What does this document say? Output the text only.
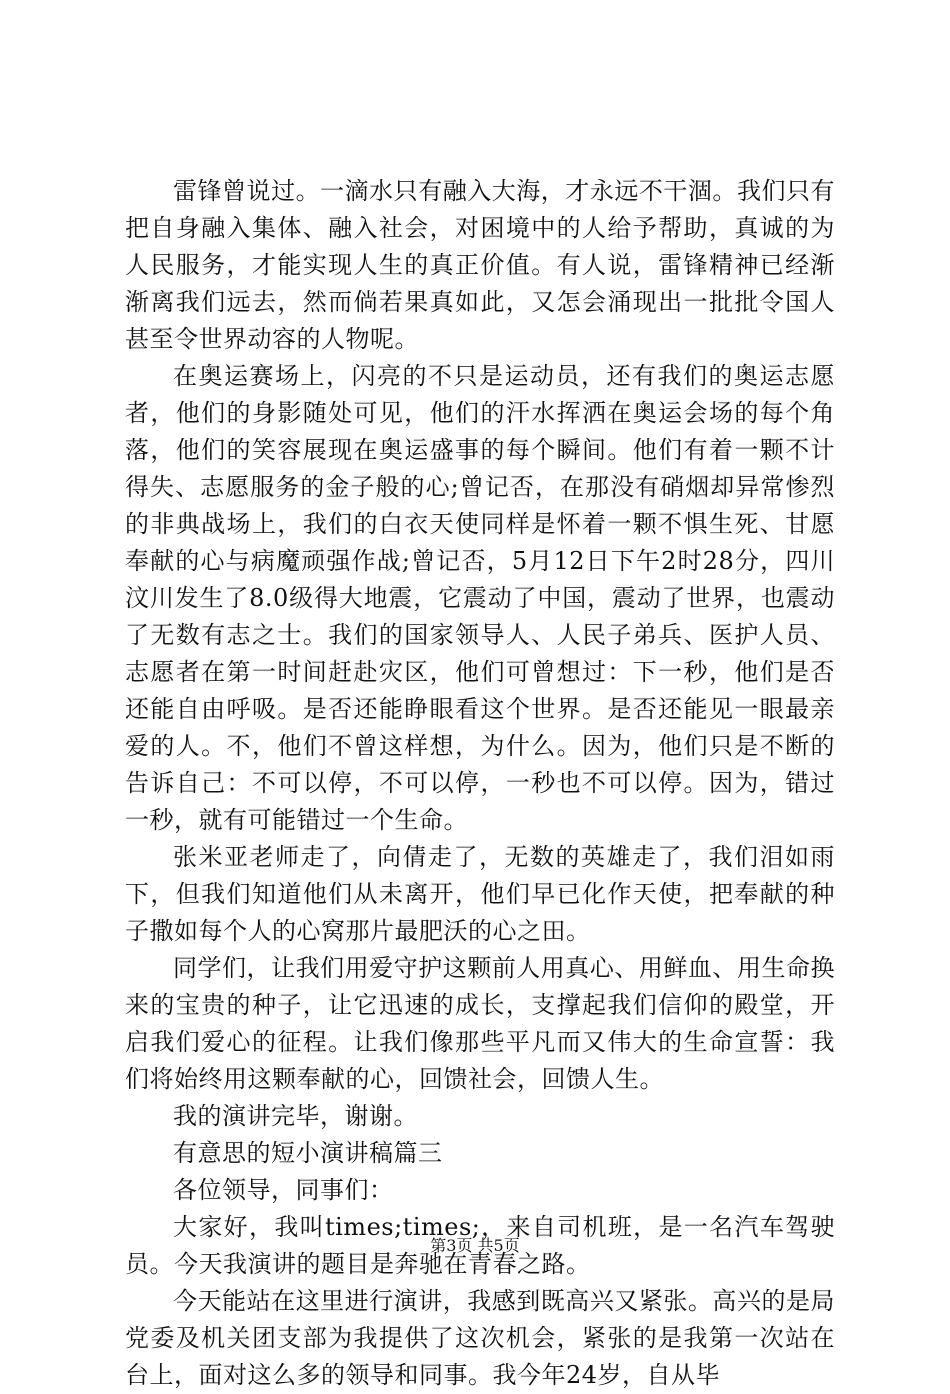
雷锋曾说过。一滴水只有融入大海，才永远不干涸。我们只有把自身融入集体、融入社会，对困境中的人给予帮助，真诚的为人民服务，才能实现人生的真正价值。有人说，雷锋精神已经渐渐离我们远去，然而倘若果真如此，又怎会涌现出一批批令国人甚至令世界动容的人物呢。

在奥运赛场上，闪亮的不只是运动员，还有我们的奥运志愿者，他们的身影随处可见，他们的汗水挥洒在奥运会场的每个角落，他们的笑容展现在奥运盛事的每个瞬间。他们有着一颗不计得失、志愿服务的金子般的心;曾记否，在那没有硝烟却异常惨烈的非典战场上，我们的白衣天使同样是怀着一颗不惧生死、甘愿奉献的心与病魔顽强作战;曾记否，5月12日下午2时28分，四川汶川发生了8.0级得大地震，它震动了中国，震动了世界，也震动了无数有志之士。我们的国家领导人、人民子弟兵、医护人员、志愿者在第一时间赶赴灾区，他们可曾想过：下一秒，他们是否还能自由呼吸。是否还能睁眼看这个世界。是否还能见一眼最亲爱的人。不，他们不曾这样想，为什么。因为，他们只是不断的告诉自己：不可以停，不可以停，一秒也不可以停。因为，错过一秒，就有可能错过一个生命。

张米亚老师走了，向倩走了，无数的英雄走了，我们泪如雨下，但我们知道他们从未离开，他们早已化作天使，把奉献的种子撒如每个人的心窝那片最肥沃的心之田。

同学们，让我们用爱守护这颗前人用真心、用鲜血、用生命换来的宝贵的种子，让它迅速的成长，支撑起我们信仰的殿堂，开启我们爱心的征程。让我们像那些平凡而又伟大的生命宣誓：我们将始终用这颗奉献的心，回馈社会，回馈人生。

我的演讲完毕，谢谢。

有意思的短小演讲稿篇三

各位领导，同事们：

大家好，我叫times;times;，来自司机班，是一名汽车驾驶员。今天我演讲的题目是奔驰在青春之路。

今天能站在这里进行演讲，我感到既高兴又紧张。高兴的是局党委及机关团支部为我提供了这次机会，紧张的是我第一次站在台上，面对这么多的领导和同事。我今年24岁，自从毕

第3页 共5页
